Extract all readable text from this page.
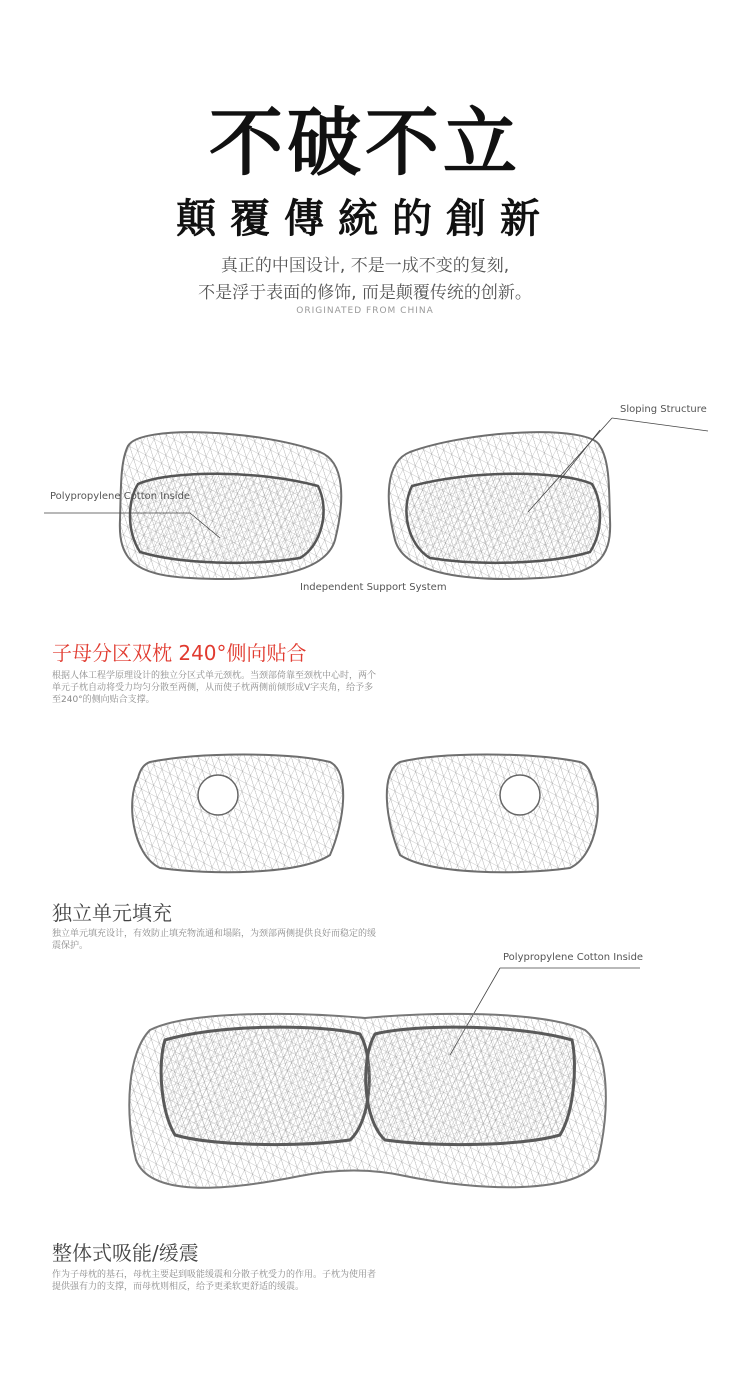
不破不立
顛覆傳統的創新
真正的中国设计, 不是一成不变的复刻,
不是浮于表面的修饰, 而是颠覆传统的创新。
ORIGINATED FROM CHINA
Sloping Structure
Polypropylene Cotton Inside
Independent Support System
Polypropylene Cotton Inside
子母分区双枕 240°侧向贴合
根据人体工程学原理设计的独立分区式单元颈枕。当颈部倚靠至颈枕中心时，两个单元子枕自动将受力均匀分散至两侧，从而使子枕两侧前倾形成V字夹角，给予多至240°的侧向贴合支撑。
独立单元填充
独立单元填充设计，有效防止填充物流通和塌陷，为颈部两侧提供良好而稳定的缓震保护。
整体式吸能/缓震
作为子母枕的基石，母枕主要起到吸能缓震和分散子枕受力的作用。子枕为使用者提供强有力的支撑，而母枕则相反，给予更柔软更舒适的缓震。
